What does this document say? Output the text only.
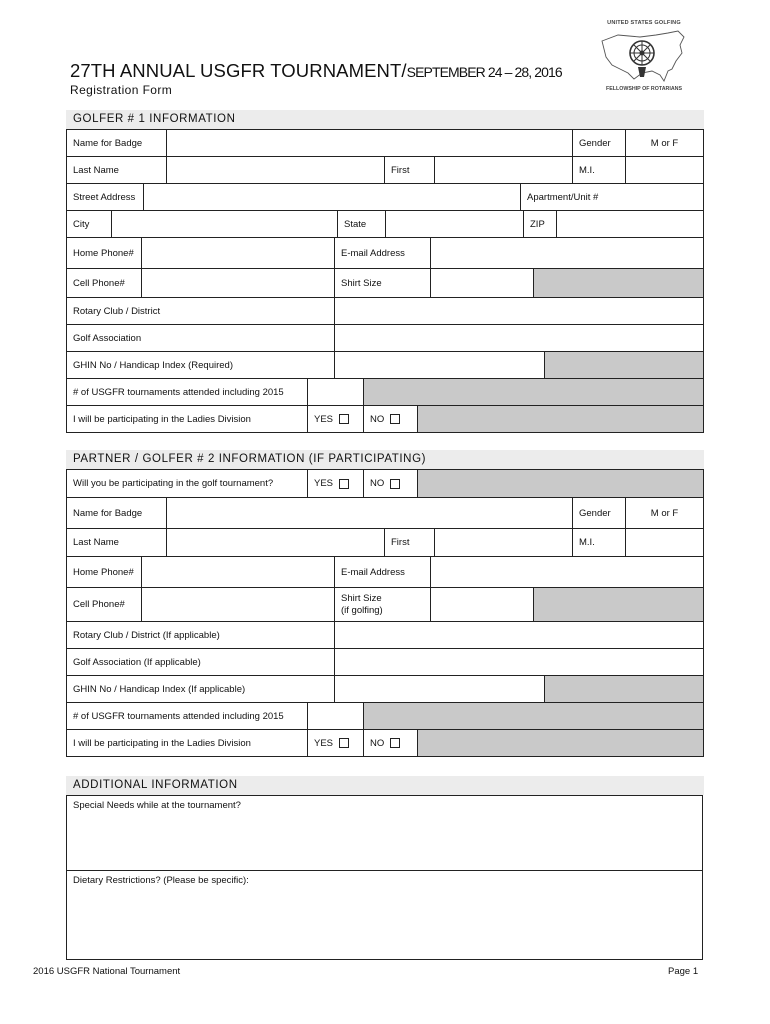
27TH ANNUAL USGFR TOURNAMENT/SEPTEMBER 24 – 28, 2016
Registration Form
UNITED STATES GOLFING
FELLOWSHIP OF ROTARIANS
GOLFER # 1 INFORMATION
Name for Badge				Gender	M or F
Last Name		First		M.I.	
Street Address		Apartment/Unit #
City		State		ZIP	
Home Phone#		E-mail Address		
Cell Phone#		Shirt Size		
Rotary Club / District		
Golf Association		
GHIN No / Handicap Index (Required)		
# of USGFR tournaments attended including 2015			
I will be participating in the Ladies Division	YES	NO	

PARTNER / GOLFER # 2 INFORMATION (IF PARTICIPATING)
Will you be participating in the golf tournament?	YES	NO

Name for Badge				Gender	M or F
Last Name		First		M.I.	
Home Phone#		E-mail Address		
Cell Phone#		Shirt Size
(if golfing)		

Rotary Club / District (If applicable)		
Golf Association (If applicable)		
GHIN No / Handicap Index (If applicable)		
# of USGFR tournaments attended including 2015			
I will be participating in the Ladies Division	YES	NO	

ADDITIONAL INFORMATION
Special Needs while at the tournament?
Dietary Restrictions? (Please be specific):
2016 USGFR National Tournament	Page 1
